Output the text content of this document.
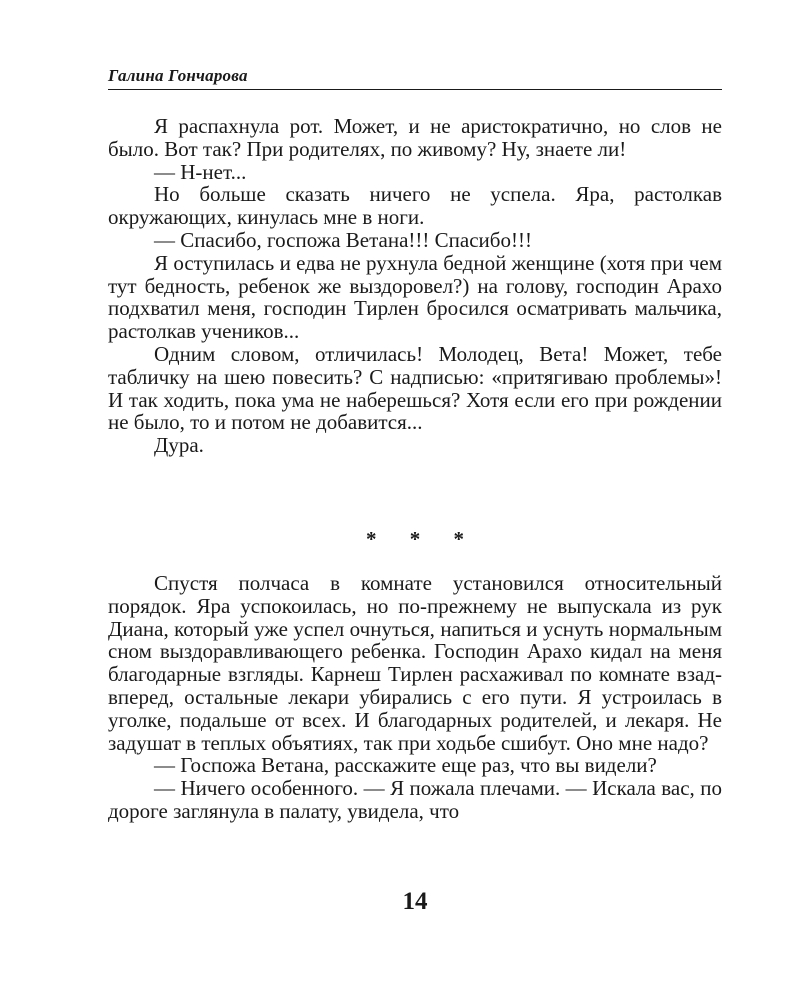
Галина Гончарова

Я распахнула рот. Может, и не аристократично, но слов не было. Вот так? При родителях, по живому? Ну, знаете ли!

— Н-нет...

Но больше сказать ничего не успела. Яра, растолкав окружающих, кинулась мне в ноги.

— Спасибо, госпожа Ветана!!! Спасибо!!!

Я оступилась и едва не рухнула бедной женщине (хотя при чем тут бедность, ребенок же выздоровел?) на голову, господин Арахо подхватил меня, господин Тирлен бросился осматривать мальчика, растолкав учеников...

Одним словом, отличилась! Молодец, Вета! Может, тебе табличку на шею повесить? С надписью: «притягиваю проблемы»! И так ходить, пока ума не наберешься? Хотя если его при рождении не было, то и потом не добавится...

Дура.

* * *

Спустя полчаса в комнате установился относительный порядок. Яра успокоилась, но по-прежнему не выпускала из рук Диана, который уже успел очнуться, напиться и уснуть нормальным сном выздоравливающего ребенка. Господин Арахо кидал на меня благодарные взгляды. Карнеш Тирлен расхаживал по комнате взад-вперед, остальные лекари убирались с его пути. Я устроилась в уголке, подальше от всех. И благодарных родителей, и лекаря. Не задушат в теплых объятиях, так при ходьбе сшибут. Оно мне надо?

— Госпожа Ветана, расскажите еще раз, что вы видели?

— Ничего особенного. — Я пожала плечами. — Искала вас, по дороге заглянула в палату, увидела, что

14
